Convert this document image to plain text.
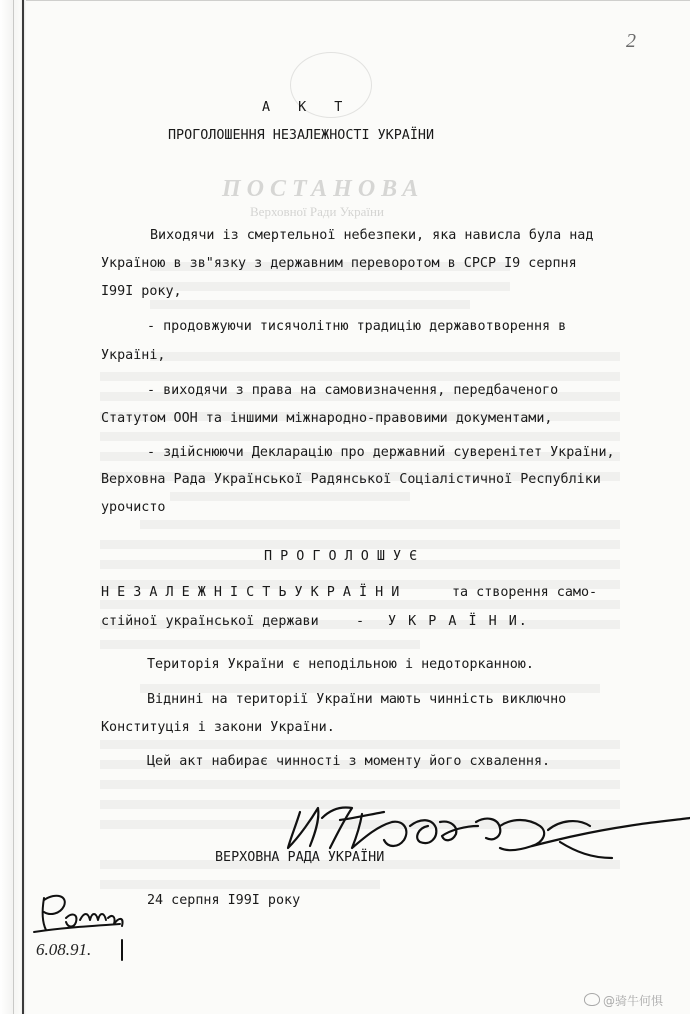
ПОСТАНОВА
Верховної Ради України
2
А К Т
ПРОГОЛОШЕННЯ НЕЗАЛЕЖНОСТІ УКРАЇНИ
Виходячи із смертельної небезпеки, яка нависла була над
Україною в зв"язку з державним переворотом в СРСР І9 серпня
І99І року,
- продовжуючи тисячолітню традицію державотворення в
Україні,
- виходячи з права на самовизначення, передбаченого
Статутом ООН та іншими міжнародно-правовими документами,
- здійснюючи Декларацію про державний суверенітет України,
Верховна Рада Української Радянської Соціалістичної Республіки
урочисто
П Р О Г О Л О Ш У Є
Н Е З А Л Е Ж Н І С Т Ь У К Р А Ї Н И	та створення само-
стійної української держави	- У К Р А Ї Н И.
Територія України є неподільною і недоторканною.
Віднині на території України мають чинність виключно
Конституція і закони України.
Цей акт набирає чинності з моменту його схвалення.
ВЕРХОВНА РАДА УКРАЇНИ
24 серпня І99І року
6.08.91.
@骑牛何惧
